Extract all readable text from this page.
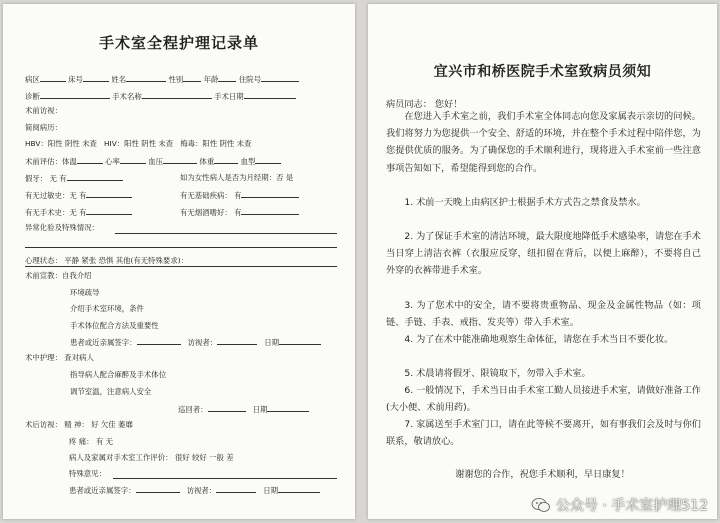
手术室全程护理记录单
病区	床号	姓名	性别	年龄	住院号
诊断	手术名称	手术日期
术前访视：
简阅病历：
HBV：阳性 阴性 未查 HIV：阳性 阴性 未查 梅毒：阳性 阴性 未查
术前评估：体温	心率	血压	体重	血型
假牙： 无 有	如为女性病人是否为月经期：否 是
有无过敏史：无 有	有无基础疾病： 有
有无手术史：无 有	有无烟酒嗜好： 有
异常化验及特殊情况：
心理状态： 平静 紧张 恐惧 其他(有无特殊要求)：
术前宣教：自我介绍
环境疏导
介绍手术室环境，条件
手术体位配合方法及重要性
患者或近亲属签字：	访视者：	日期
术中护理： 查对病人
指导病人配合麻醉及手术体位
调节室温，注意病人安全
巡回者：	日期
术后访视： 精 神： 好 欠佳 萎靡
疼 痛： 有 无
病人及家属对手术室工作评价： 很好 较好 一般 差
特殊意见：
患者或近亲属签字：	访视者：	日期
宜兴市和桥医院手术室致病员须知
病员同志： 您好！
在您进入手术室之前，我们手术室全体同志向您及家属表示亲切的问候。我们将努力为您提供一个安全、舒适的环境，并在整个手术过程中陪伴您，为您提供优质的服务。为了确保您的手术顺利进行，现将进入手术室前一些注意事项告知如下，希望能得到您的合作。
1. 术前一天晚上由病区护士根据手术方式告之禁食及禁水。
2. 为了保证手术室的清洁环境，最大限度地降低手术感染率，请您在手术当日穿上清洁衣裤（衣服应反穿，纽扣留在背后，以便上麻醉），不要将自己外穿的衣裤带进手术室。
3. 为了您术中的安全，请不要将贵重物品、现金及金属性物品（如：项链、手链、手表、戒指、发夹等）带入手术室。
4. 为了在术中能准确地观察生命体征，请您在手术当日不要化妆。
5. 术晨请将假牙、限镜取下，勿带入手术室。
6. 一般情况下，手术当日由手术室工勤人员接进手术室，请做好准备工作(大小便、术前用药)。
7. 家属送至手术室门口，请在此等候不要离开，如有事我们会及时与你们联系，敬请放心。
谢谢您的合作，祝您手术顺利，早日康复！
公众号 · 手术室护理512
